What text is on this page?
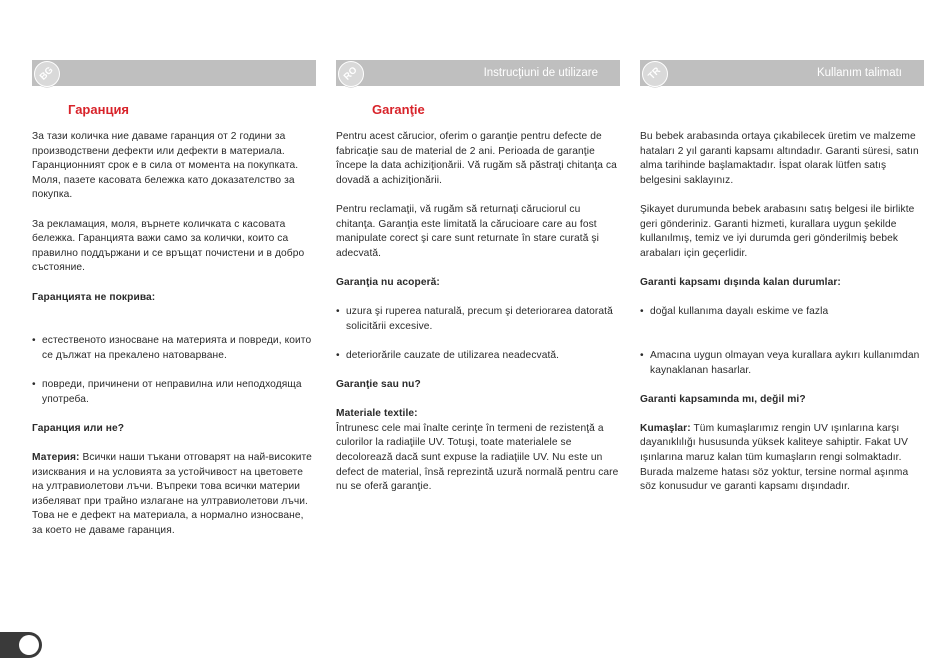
BG
Гаранция

За тази количка ние даваме гаранция от 2 години за производствени дефекти или дефекти в материала. Гаранционният срок е в сила от момента на покупката. Моля, пазете касовата бележка като доказателство за покупка.

За рекламация, моля, върнете количката с касовата бележка. Гаранцията важи само за колички, които са правилно поддържани и се връщат почистени и в добро състояние.

Гаранцията не покрива:

• естественото износване на материята и повреди, които се дължат на прекалено натоварване.
• повреди, причинени от неправилна или неподходяща употреба.

Гаранция или не?

Материя: Всички наши тъкани отговарят на най-високите изисквания и на условията за устойчивост на цветовете на ултравиолетови лъчи. Въпреки това всички материи избеляват при трайно излагане на ултравиолетови лъчи. Това не е дефект на материала, а нормално износване, за което не даваме гаранция.

RO	Instrucţiuni de utilizare
Garanţie

Pentru acest cărucior, oferim o garanţie pentru defecte de fabricaţie sau de material de 2 ani. Perioada de garanţie începe la data achiziţionării. Vă rugăm să păstraţi chitanţa ca dovadă a achiziţionării.

Pentru reclamaţii, vă rugăm să returnaţi căruciorul cu chitanţa. Garanţia este limitată la cărucioare care au fost manipulate corect şi care sunt returnate în stare curată şi adecvată.

Garanţia nu acoperă:

• uzura şi ruperea naturală, precum şi deteriorarea datorată solicitării excesive.
• deteriorările cauzate de utilizarea neadecvată.

Garanţie sau nu?

Materiale textile:

Întrunesc cele mai înalte cerinţe în termeni de rezistenţă a culorilor la radiaţiile UV. Totuşi, toate materialele se decolorează dacă sunt expuse la radiaţiile UV. Nu este un defect de material, însă reprezintă uzură normală pentru care nu se oferă garanţie.

TR	Kullanım talimatı

Bu bebek arabasında ortaya çıkabilecek üretim ve malzeme hataları 2 yıl garanti kapsamı altındadır. Garanti süresi, satın alma tarihinde başlamaktadır. İspat olarak lütfen satış belgesini saklayınız.

Şikayet durumunda bebek arabasını satış belgesi ile birlikte geri gönderiniz. Garanti hizmeti, kurallara uygun şekilde kullanılmış, temiz ve iyi durumda geri gönderilmiş bebek arabaları için geçerlidir.

Garanti kapsamı dışında kalan durumlar:

• doğal kullanıma dayalı eskime ve fazla
• Amacına uygun olmayan veya kurallara aykırı kullanımdan kaynaklanan hasarlar.

Garanti kapsamında mı, değil mi?

Kumaşlar: Tüm kumaşlarımız rengin UV ışınlarına karşı dayanıklılığı hususunda yüksek kaliteye sahiptir. Fakat UV ışınlarına maruz kalan tüm kumaşların rengi solmaktadır. Burada malzeme hatası söz yoktur, tersine normal aşınma söz konusudur ve garanti kapsamı dışındadır.
